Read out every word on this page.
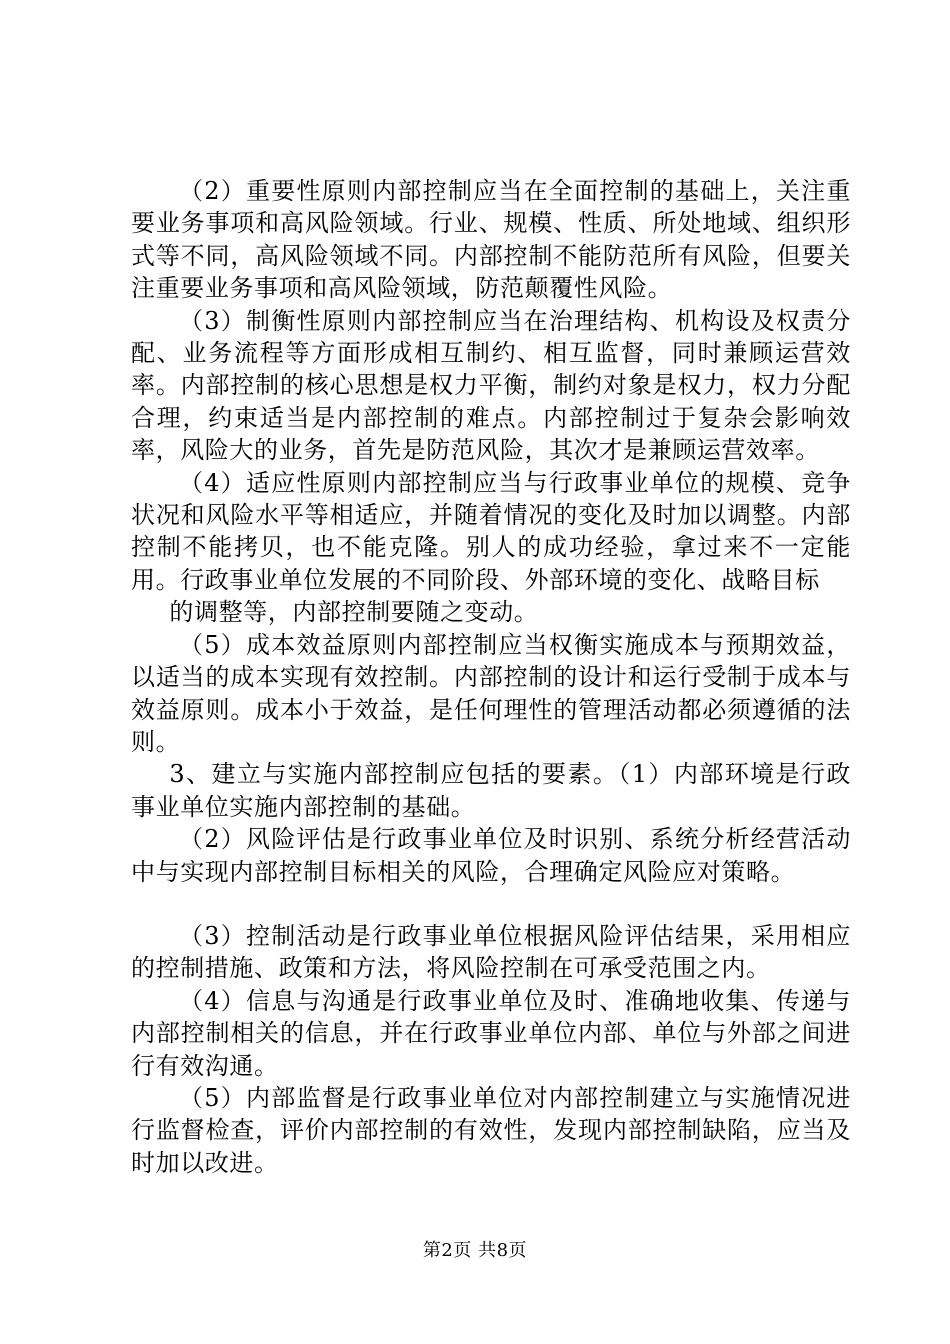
（2）重要性原则内部控制应当在全面控制的基础上，关注重要业务事项和高风险领域。行业、规模、性质、所处地域、组织形式等不同，高风险领域不同。内部控制不能防范所有风险，但要关注重要业务事项和高风险领域，防范颠覆性风险。

（3）制衡性原则内部控制应当在治理结构、机构设及权责分配、业务流程等方面形成相互制约、相互监督，同时兼顾运营效率。内部控制的核心思想是权力平衡，制约对象是权力，权力分配合理，约束适当是内部控制的难点。内部控制过于复杂会影响效率，风险大的业务，首先是防范风险，其次才是兼顾运营效率。

（4）适应性原则内部控制应当与行政事业单位的规模、竞争状况和风险水平等相适应，并随着情况的变化及时加以调整。内部控制不能拷贝，也不能克隆。别人的成功经验，拿过来不一定能用。行政事业单位发展的不同阶段、外部环境的变化、战略目标

的调整等，内部控制要随之变动。

（5）成本效益原则内部控制应当权衡实施成本与预期效益，以适当的成本实现有效控制。内部控制的设计和运行受制于成本与效益原则。成本小于效益，是任何理性的管理活动都必须遵循的法则。

3、建立与实施内部控制应包括的要素。（1）内部环境是行政事业单位实施内部控制的基础。

（2）风险评估是行政事业单位及时识别、系统分析经营活动中与实现内部控制目标相关的风险，合理确定风险应对策略。

（3）控制活动是行政事业单位根据风险评估结果，采用相应的控制措施、政策和方法，将风险控制在可承受范围之内。

（4）信息与沟通是行政事业单位及时、准确地收集、传递与内部控制相关的信息，并在行政事业单位内部、单位与外部之间进行有效沟通。

（5）内部监督是行政事业单位对内部控制建立与实施情况进行监督检查，评价内部控制的有效性，发现内部控制缺陷，应当及时加以改进。

第2页 共8页
